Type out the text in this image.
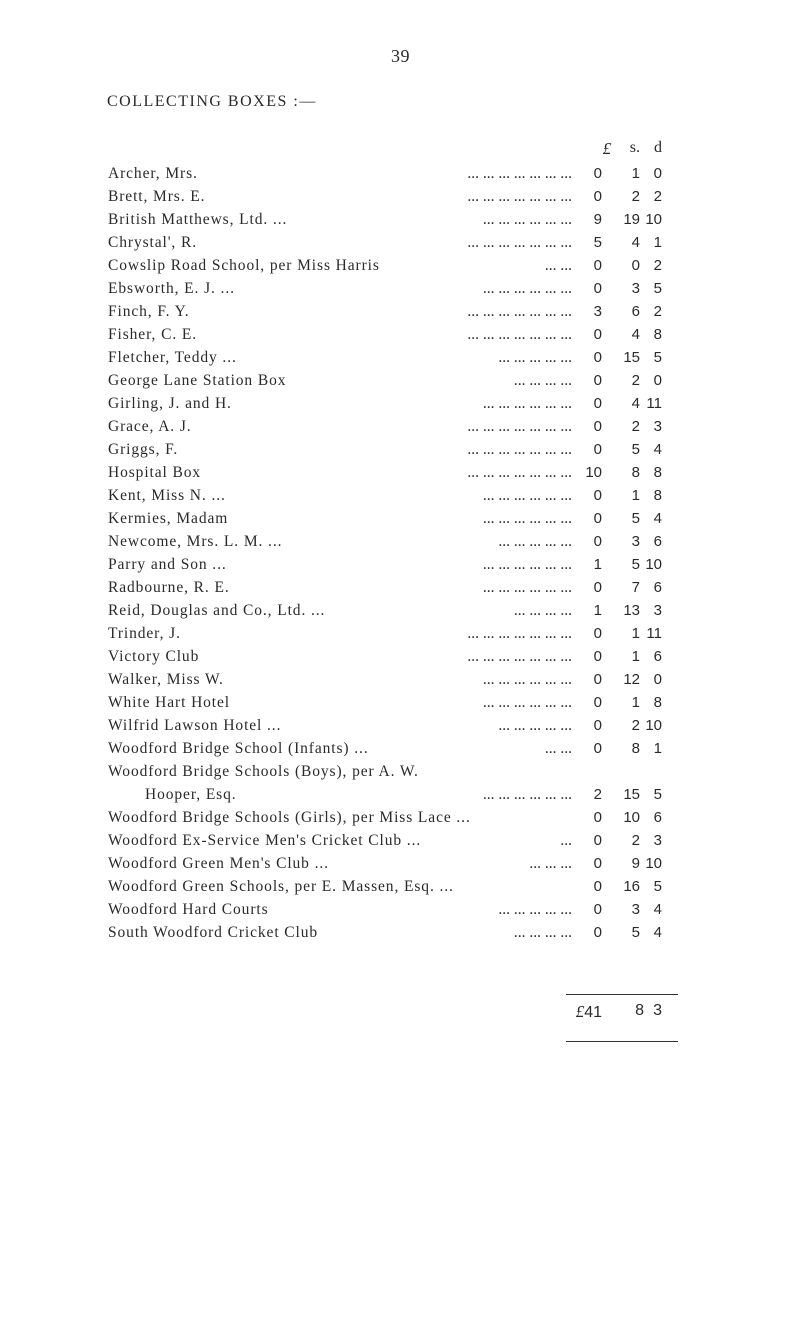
39
COLLECTING BOXES :—
£	s. d
Archer, Mrs.	... ... ... ... ... ... ...	0	1 0
Brett, Mrs. E.	... ... ... ... ... ... ...	0	2 2
British Matthews, Ltd. ...	... ... ... ... ... ...	9	19 10
Chrystal', R.	... ... ... ... ... ... ...	5	4 1
Cowslip Road School, per Miss Harris	... ...	0	0 2
Ebsworth, E. J. ...	... ... ... ... ... ...	0	3 5
Finch, F. Y.	... ... ... ... ... ... ...	3	6 2
Fisher, C. E.	... ... ... ... ... ... ...	0	4 8
Fletcher, Teddy ...	... ... ... ... ...	0	15 5
George Lane Station Box	... ... ... ...	0	2 0
Girling, J. and H.	... ... ... ... ... ...	0	4 11
Grace, A. J.	... ... ... ... ... ... ...	0	2 3
Griggs, F.	... ... ... ... ... ... ...	0	5 4
Hospital Box	... ... ... ... ... ... ... 10	8 8
Kent, Miss N. ...	... ... ... ... ... ...	0	1 8
Kermies, Madam	... ... ... ... ... ...	0	5 4
Newcome, Mrs. L. M. ...	... ... ... ... ...	0	3 6
Parry and Son ...	... ... ... ... ... ...	1	5 10
Radbourne, R. E.	... ... ... ... ... ...	0	7 6
Reid, Douglas and Co., Ltd. ...	... ... ... ...	1	13 3
Trinder, J.	... ... ... ... ... ... ...	0	1 11
Victory Club	... ... ... ... ... ... ...	0	1 6
Walker, Miss W.	... ... ... ... ... ...	0	12 0
White Hart Hotel	... ... ... ... ... ...	0	1 8
Wilfrid Lawson Hotel ...	... ... ... ... ...	0	2 10
Woodford Bridge School (Infants) ...	... ...	0	8 1
Woodford Bridge Schools (Boys), per A. W.
Hooper, Esq.	... ... ... ... ... ...	2	15 5
Woodford Bridge Schools (Girls), per Miss Lace ...	0	10 6
Woodford Ex-Service Men's Cricket Club ...	...	0	2 3
Woodford Green Men's Club ...	... ... ...	0	9 10
Woodford Green Schools, per E. Massen, Esq. ...	0	16 5
Woodford Hard Courts	... ... ... ... ...	0	3 4
South Woodford Cricket Club	... ... ... ...	0	5 4
£41	8 3
